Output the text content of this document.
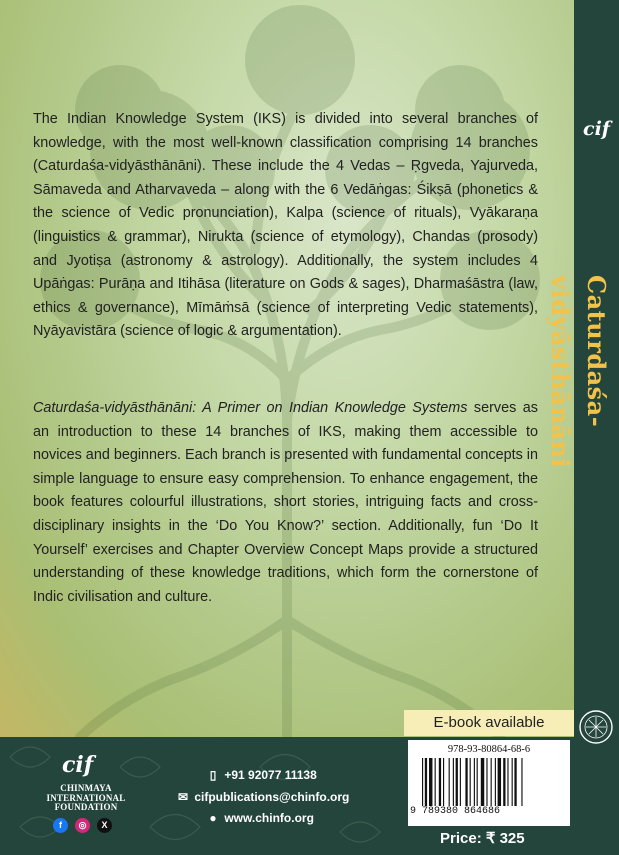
The Indian Knowledge System (IKS) is divided into several branches of knowledge, with the most well-known classification comprising 14 branches (Caturdaśa-vidyāsthānāni). These include the 4 Vedas – Ṛgveda, Yajurveda, Sāmaveda and Atharvaveda – along with the 6 Vedāṅgas: Śikṣā (phonetics & the science of Vedic pronunciation), Kalpa (science of rituals), Vyākaraṇa (linguistics & grammar), Nirukta (science of etymology), Chandas (prosody) and Jyotiṣa (astronomy & astrology). Additionally, the system includes 4 Upāṅgas: Purāṇa and Itihāsa (literature on Gods & sages), Dharmaśāstra (law, ethics & governance), Mīmāṁsā (science of interpreting Vedic statements), Nyāyavistāra (science of logic & argumentation).

Caturdaśa-vidyāsthānāni: A Primer on Indian Knowledge Systems serves as an introduction to these 14 branches of IKS, making them accessible to novices and beginners. Each branch is presented with fundamental concepts in simple language to ensure easy comprehension. To enhance engagement, the book features colourful illustrations, short stories, intriguing facts and cross-disciplinary insights in the ‘Do You Know?’ section. Additionally, fun ‘Do It Yourself’ exercises and Chapter Overview Concept Maps provide a structured understanding of these knowledge traditions, which form the cornerstone of Indic civilisation and culture.

cif
Caturdaśa-vidyāsthānāni
cif
CHINMAYA
INTERNATIONAL
FOUNDATION
f	◎	X
▯ +91 92077 11138
✉ cifpublications@chinfo.org
● www.chinfo.org
E-book available
978-93-80864-68-6
9 789380 864686
Price: ₹ 325
